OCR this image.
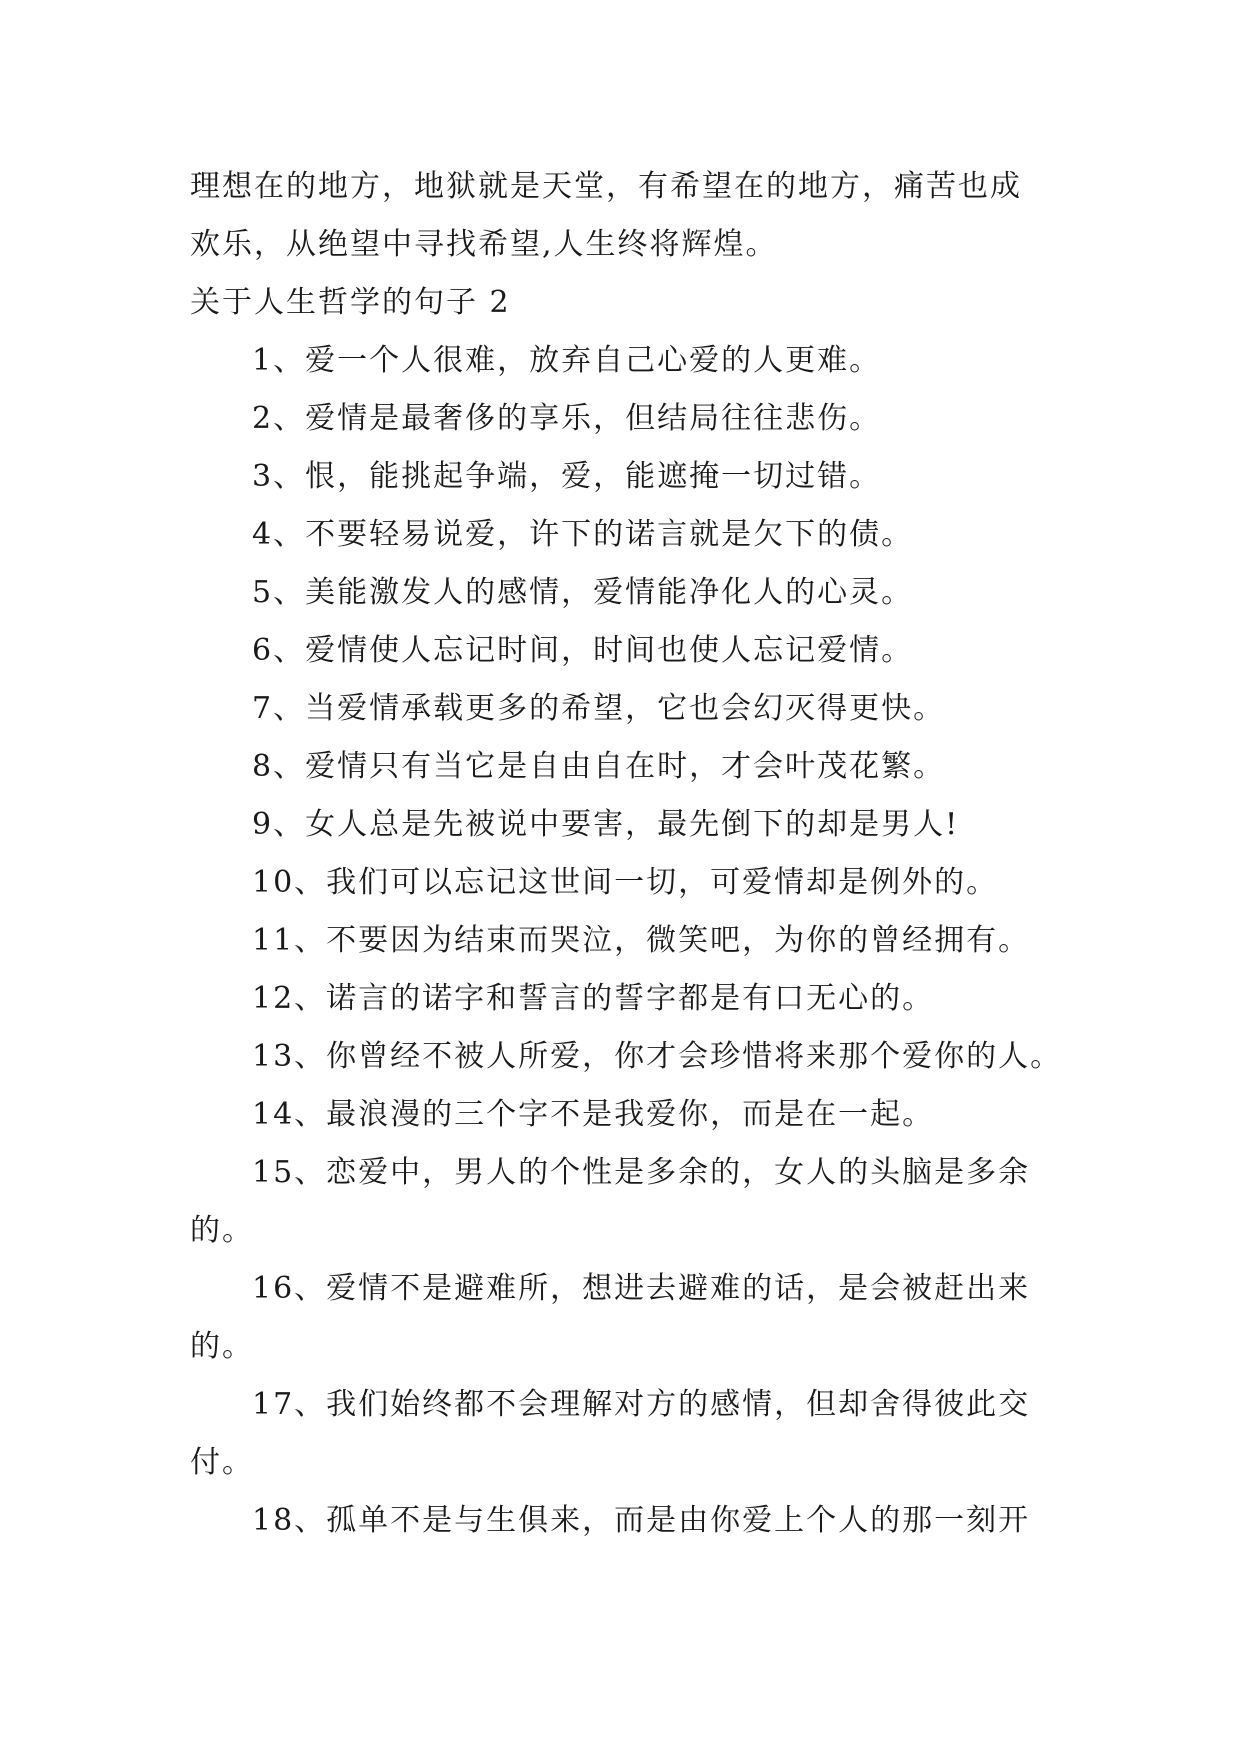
理想在的地方，地狱就是天堂，有希望在的地方，痛苦也成
欢乐，从绝望中寻找希望,人生终将辉煌。
关于人生哲学的句子 2
1、爱一个人很难，放弃自己心爱的人更难。
2、爱情是最奢侈的享乐，但结局往往悲伤。
3、恨，能挑起争端，爱，能遮掩一切过错。
4、不要轻易说爱，许下的诺言就是欠下的债。
5、美能激发人的感情，爱情能净化人的心灵。
6、爱情使人忘记时间，时间也使人忘记爱情。
7、当爱情承载更多的希望，它也会幻灭得更快。
8、爱情只有当它是自由自在时，才会叶茂花繁。
9、女人总是先被说中要害，最先倒下的却是男人!
10、我们可以忘记这世间一切，可爱情却是例外的。
11、不要因为结束而哭泣，微笑吧，为你的曾经拥有。
12、诺言的诺字和誓言的誓字都是有口无心的。
13、你曾经不被人所爱，你才会珍惜将来那个爱你的人。
14、最浪漫的三个字不是我爱你，而是在一起。
15、恋爱中，男人的个性是多余的，女人的头脑是多余
的。
16、爱情不是避难所，想进去避难的话，是会被赶出来
的。
17、我们始终都不会理解对方的感情，但却舍得彼此交
付。
18、孤单不是与生俱来，而是由你爱上个人的那一刻开
